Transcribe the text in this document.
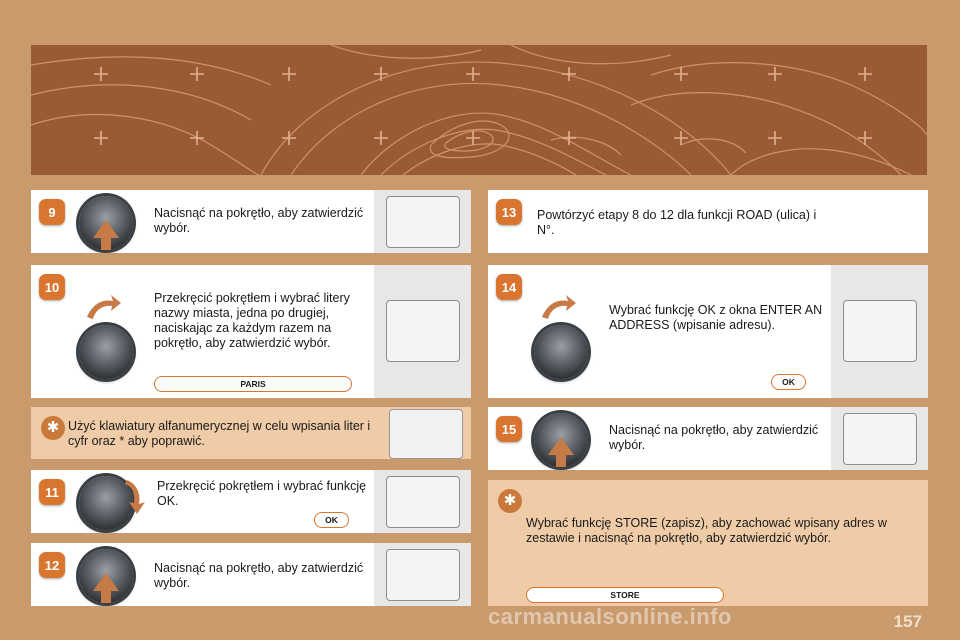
9	Nacisnąć na pokrętło, aby zatwierdzić wybór.
10
Przekręcić pokrętłem i wybrać litery nazwy miasta, jedna po drugiej, naciskając za każdym razem na pokrętło, aby zatwierdzić wybór.
PARIS
✱ Użyć klawiatury alfanumerycznej w celu wpisania liter i cyfr oraz * aby poprawić.
11	Przekręcić pokrętłem i wybrać funkcję OK.
OK
12	Nacisnąć na pokrętło, aby zatwierdzić wybór.
13	Powtórzyć etapy 8 do 12 dla funkcji ROAD (ulica) i N°.
14
Wybrać funkcję OK z okna ENTER AN ADDRESS (wpisanie adresu).
OK
15	Nacisnąć na pokrętło, aby zatwierdzić wybór.
✱
Wybrać funkcję STORE (zapisz), aby zachować wpisany adres w zestawie i nacisnąć na pokrętło, aby zatwierdzić wybór.
STORE
157
carmanualsonline.info
